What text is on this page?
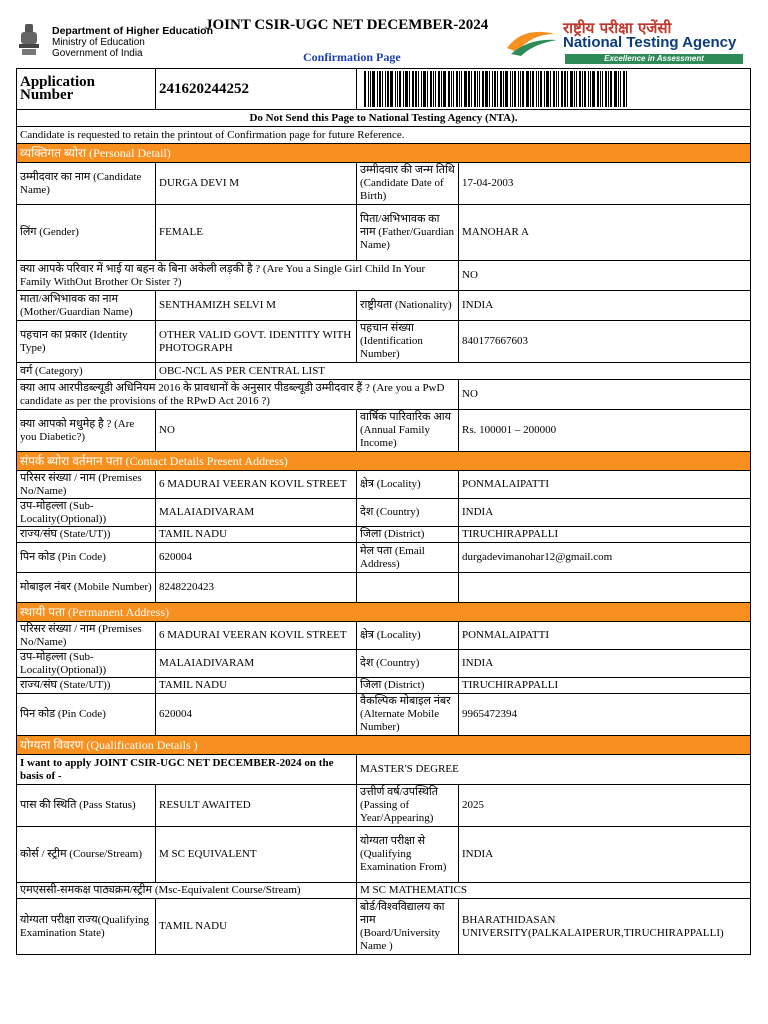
Department of Higher Education
Ministry of Education
Government of India
JOINT CSIR-UGC NET DECEMBER-2024
Confirmation Page
राष्ट्रीय परीक्षा एजेंसी
National Testing Agency
Excellence in Assessment
Application Number	241620244252		

Do Not Send this Page to National Testing Agency (NTA).			
Candidate is requested to retain the printout of Confirmation page for future Reference.			
व्यक्तिगत ब्योरा (Personal Detail)			
उम्मीदवार का नाम (Candidate Name)	DURGA DEVI M	उम्मीदवार की जन्म तिथि (Candidate Date of Birth)	17-04-2003
लिंग (Gender)	FEMALE	पिता/अभिभावक का नाम (Father/Guardian Name)	MANOHAR A
क्या आपके परिवार में भाई या बहन के बिना अकेली लड़की है ? (Are You a Single Girl Child In Your Family WithOut Brother Or Sister ?)			NO
माता/अभिभावक का नाम (Mother/Guardian Name)	SENTHAMIZH SELVI M	राष्ट्रीयता (Nationality)	INDIA
पहचान का प्रकार (Identity Type)	OTHER VALID GOVT. IDENTITY WITH PHOTOGRAPH	पहचान संख्या (Identification Number)	840177667603
वर्ग (Category)	OBC-NCL AS PER CENTRAL LIST		
क्या आप आरपीडब्ल्यूडी अधिनियम 2016 के प्रावधानों के अनुसार पीडब्ल्यूडी उम्मीदवार हैं ? (Are you a PwD candidate as per the provisions of the RPwD Act 2016 ?)			NO
क्या आपको मधुमेह है ? (Are you Diabetic?)	NO	वार्षिक पारिवारिक आय (Annual Family Income)	Rs. 100001 – 200000
संपर्क ब्योरा वर्तमान पता (Contact Details Present Address)			
परिसर संख्या / नाम (Premises No/Name)	6 MADURAI VEERAN KOVIL STREET	क्षेत्र (Locality)	PONMALAIPATTI
उप-मोहल्ला (Sub-Locality(Optional))	MALAIADIVARAM	देश (Country)	INDIA
राज्य/संघ (State/UT))	TAMIL NADU	जिला (District)	TIRUCHIRAPPALLI
पिन कोड (Pin Code)	620004	मेल पता (Email Address)	durgadevimanohar12@gmail.com
मोबाइल नंबर (Mobile Number)	8248220423		
स्थायी पता (Permanent Address)			
परिसर संख्या / नाम (Premises No/Name)	6 MADURAI VEERAN KOVIL STREET	क्षेत्र (Locality)	PONMALAIPATTI
उप-मोहल्ला (Sub-Locality(Optional))	MALAIADIVARAM	देश (Country)	INDIA
राज्य/संघ (State/UT))	TAMIL NADU	जिला (District)	TIRUCHIRAPPALLI
पिन कोड (Pin Code)	620004	वैकल्पिक मोबाइल नंबर (Alternate Mobile Number)	9965472394
योग्यता विवरण (Qualification Details )			
I want to apply JOINT CSIR-UGC NET DECEMBER-2024 on the basis of -		MASTER'S DEGREE	
पास की स्थिति (Pass Status)	RESULT AWAITED	उत्तीर्ण वर्ष/उपस्थिति (Passing of Year/Appearing)	2025
कोर्स / स्ट्रीम (Course/Stream)	M SC EQUIVALENT	योग्यता परीक्षा से (Qualifying Examination From)	INDIA
एमएससी-समकक्ष पाठ्यक्रम/स्ट्रीम (Msc-Equivalent Course/Stream)		M SC MATHEMATICS	
योग्यता परीक्षा राज्य(Qualifying Examination State)	TAMIL NADU	बोर्ड/विश्वविद्यालय का नाम (Board/University Name )	BHARATHIDASAN UNIVERSITY(PALKALAIPERUR,TIRUCHIRAPPALLI)
